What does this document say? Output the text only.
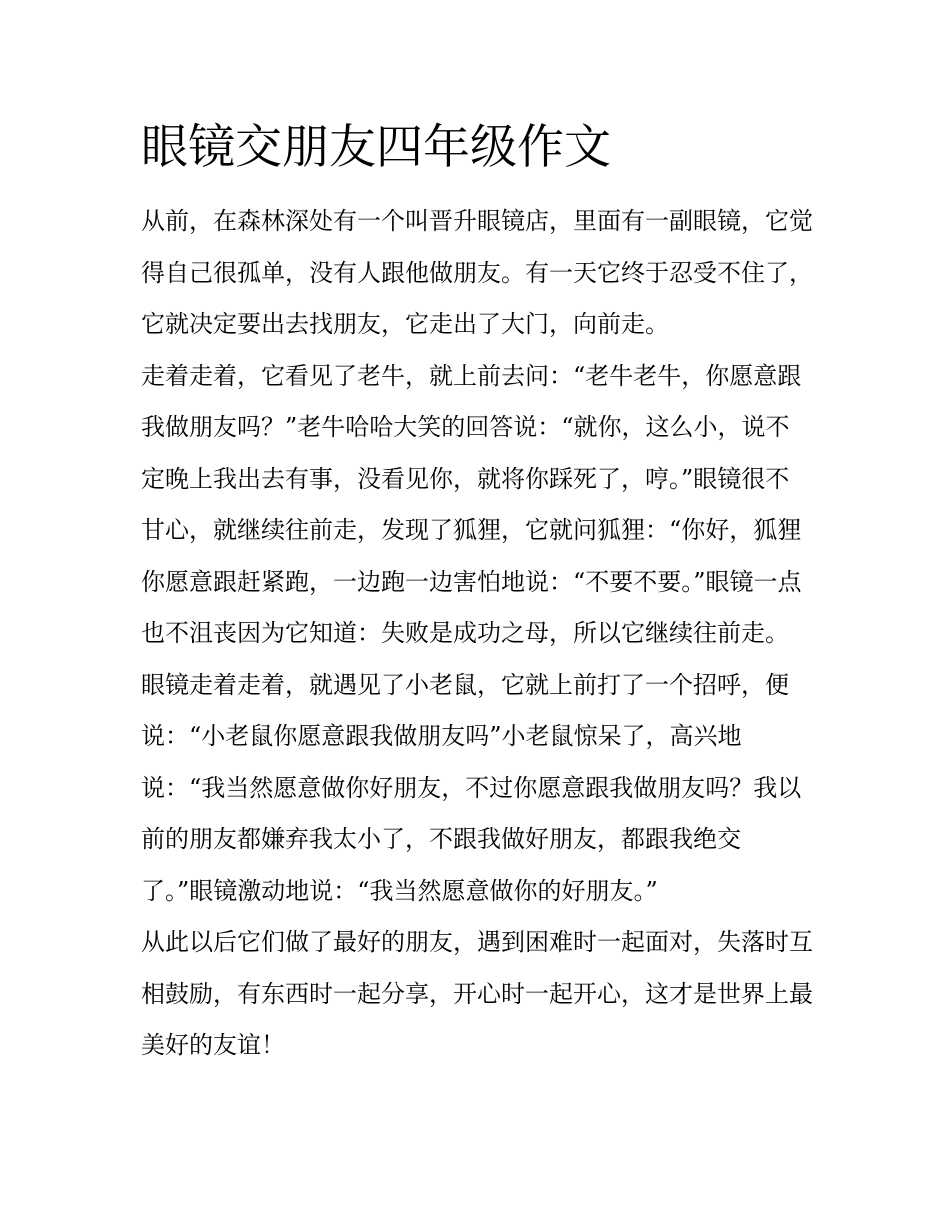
眼镜交朋友四年级作文

从前，在森林深处有一个叫晋升眼镜店，里面有一副眼镜，它觉得自己很孤单，没有人跟他做朋友。有一天它终于忍受不住了，它就决定要出去找朋友，它走出了大门，向前走。

走着走着，它看见了老牛，就上前去问：“老牛老牛，你愿意跟我做朋友吗？”老牛哈哈大笑的回答说：“就你，这么小，说不定晚上我出去有事，没看见你，就将你踩死了，哼。”眼镜很不甘心，就继续往前走，发现了狐狸，它就问狐狸：“你好，狐狸你愿意跟赶紧跑，一边跑一边害怕地说：“不要不要。”眼镜一点也不沮丧因为它知道：失败是成功之母，所以它继续往前走。

眼镜走着走着，就遇见了小老鼠，它就上前打了一个招呼，便说：“小老鼠你愿意跟我做朋友吗”小老鼠惊呆了，高兴地说：“我当然愿意做你好朋友，不过你愿意跟我做朋友吗？我以前的朋友都嫌弃我太小了，不跟我做好朋友，都跟我绝交了。”眼镜激动地说：“我当然愿意做你的好朋友。”

从此以后它们做了最好的朋友，遇到困难时一起面对，失落时互相鼓励，有东西时一起分享，开心时一起开心，这才是世界上最美好的友谊！
